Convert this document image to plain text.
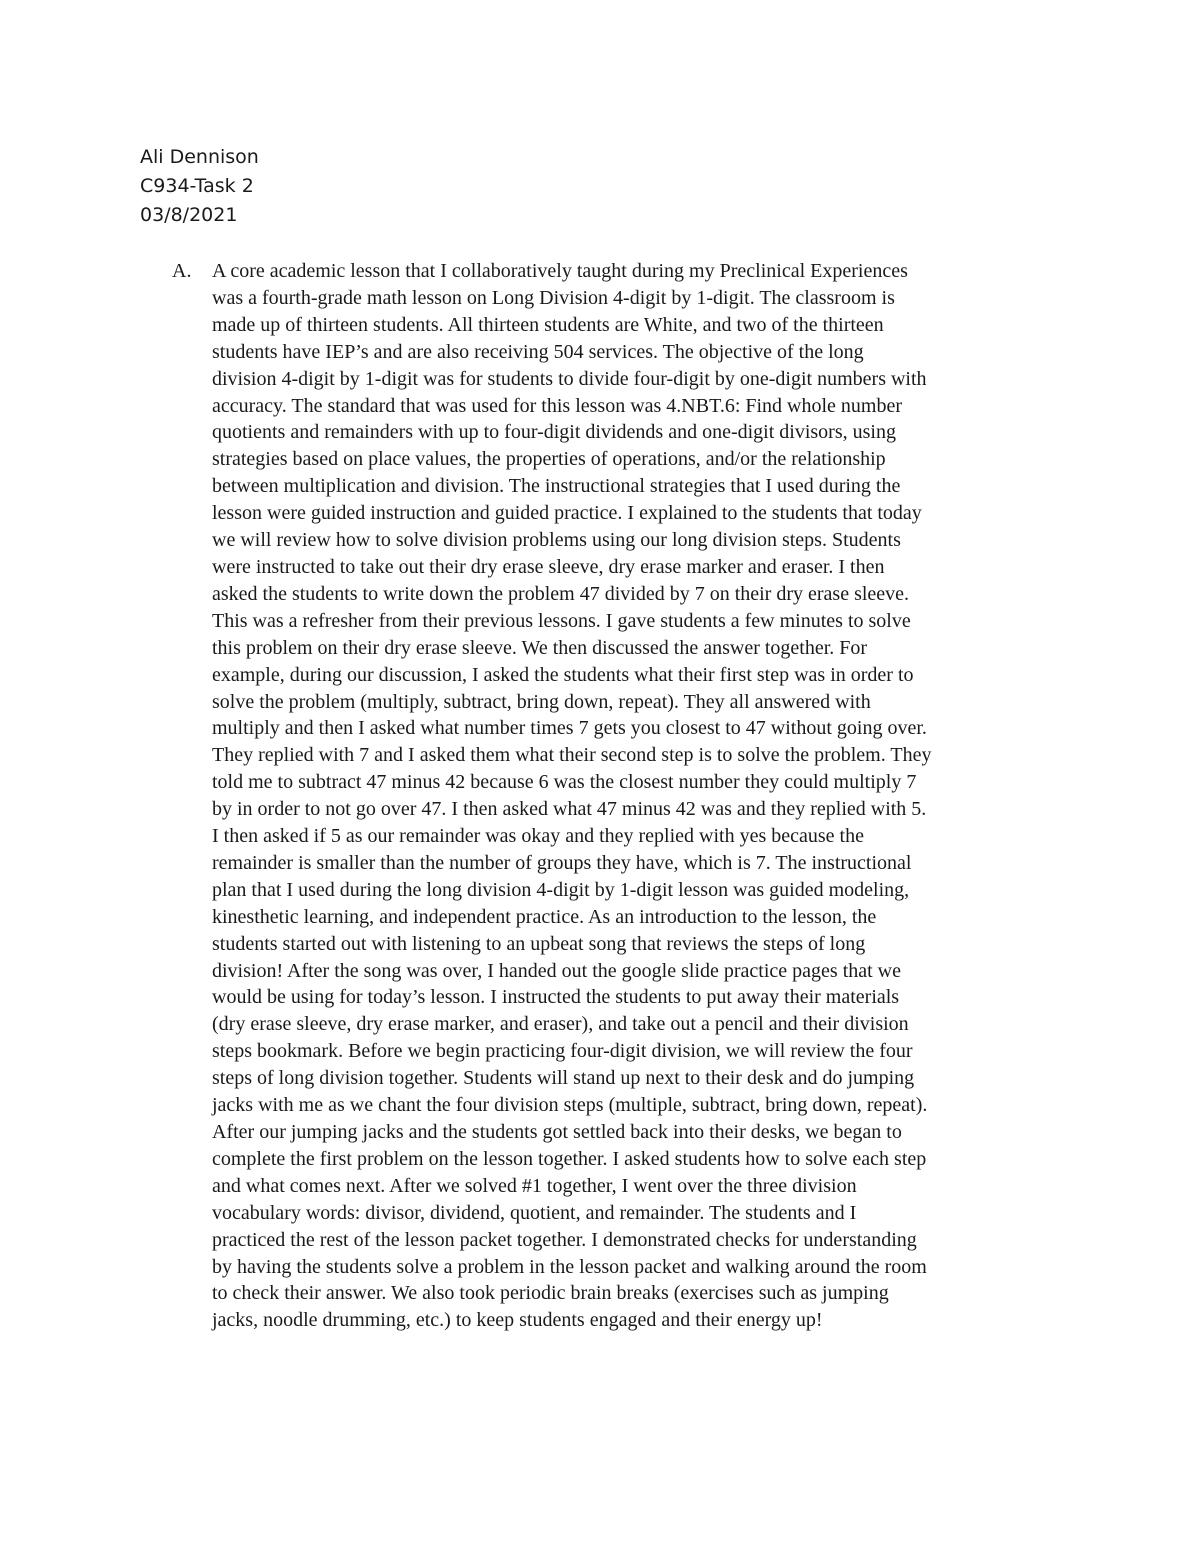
Ali Dennison
C934-Task 2
03/8/2021
A. A core academic lesson that I collaboratively taught during my Preclinical Experiences
was a fourth-grade math lesson on Long Division 4-digit by 1-digit. The classroom is
made up of thirteen students. All thirteen students are White, and two of the thirteen
students have IEP’s and are also receiving 504 services. The objective of the long
division 4-digit by 1-digit was for students to divide four-digit by one-digit numbers with
accuracy. The standard that was used for this lesson was 4.NBT.6: Find whole number
quotients and remainders with up to four-digit dividends and one-digit divisors, using
strategies based on place values, the properties of operations, and/or the relationship
between multiplication and division. The instructional strategies that I used during the
lesson were guided instruction and guided practice. I explained to the students that today
we will review how to solve division problems using our long division steps. Students
were instructed to take out their dry erase sleeve, dry erase marker and eraser. I then
asked the students to write down the problem 47 divided by 7 on their dry erase sleeve.
This was a refresher from their previous lessons. I gave students a few minutes to solve
this problem on their dry erase sleeve. We then discussed the answer together. For
example, during our discussion, I asked the students what their first step was in order to
solve the problem (multiply, subtract, bring down, repeat). They all answered with
multiply and then I asked what number times 7 gets you closest to 47 without going over.
They replied with 7 and I asked them what their second step is to solve the problem. They
told me to subtract 47 minus 42 because 6 was the closest number they could multiply 7
by in order to not go over 47. I then asked what 47 minus 42 was and they replied with 5.
I then asked if 5 as our remainder was okay and they replied with yes because the
remainder is smaller than the number of groups they have, which is 7. The instructional
plan that I used during the long division 4-digit by 1-digit lesson was guided modeling,
kinesthetic learning, and independent practice. As an introduction to the lesson, the
students started out with listening to an upbeat song that reviews the steps of long
division! After the song was over, I handed out the google slide practice pages that we
would be using for today’s lesson. I instructed the students to put away their materials
(dry erase sleeve, dry erase marker, and eraser), and take out a pencil and their division
steps bookmark. Before we begin practicing four-digit division, we will review the four
steps of long division together. Students will stand up next to their desk and do jumping
jacks with me as we chant the four division steps (multiple, subtract, bring down, repeat).
After our jumping jacks and the students got settled back into their desks, we began to
complete the first problem on the lesson together. I asked students how to solve each step
and what comes next. After we solved #1 together, I went over the three division
vocabulary words: divisor, dividend, quotient, and remainder. The students and I
practiced the rest of the lesson packet together. I demonstrated checks for understanding
by having the students solve a problem in the lesson packet and walking around the room
to check their answer. We also took periodic brain breaks (exercises such as jumping
jacks, noodle drumming, etc.) to keep students engaged and their energy up!
